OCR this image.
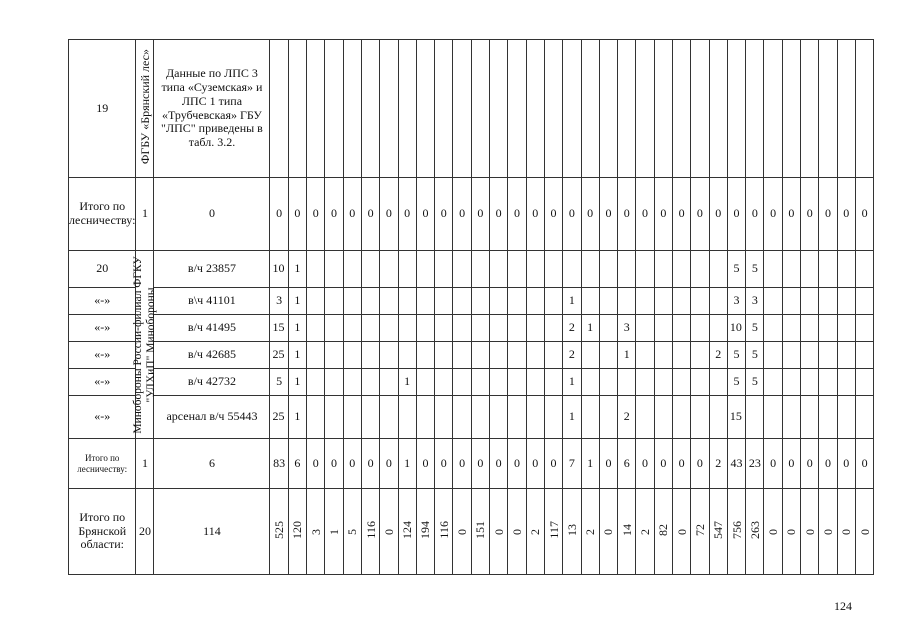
19	ФГБУ «Брянский лес»	Данные по ЛПС 3 типа «Суземская» и ЛПС 1 типа «Трубчевская» ГБУ "ЛПС" приведены в табл. 3.2.																																	
Итого по лесничеству:	1	0	0	0	0	0	0	0	0	0	0	0	0	0	0	0	0	0	0	0	0	0	0	0	0	0	0	0	0	0	0	0	0	0	0
20	Минобороны России-филиал ФГКУ "УЛХиП" Минобороны	в/ч 23857	10	1																								5	5						
«-»		в\ч 41101	3	1															1									3	3						
«-»		в/ч 41495	15	1															2	1		3						10	5						
«-»		в/ч 42685	25	1															2			1					2	5	5						
«-»		в/ч 42732	5	1						1									1									5	5						
«-»		арсенал в/ч 55443	25	1															1			2						15							
Итого по лесничеству:	1	6	83	6	0	0	0	0	0	1	0	0	0	0	0	0	0	0	7	1	0	6	0	0	0	0	2	43	23	0	0	0	0	0	0
Итого по Брянской области:	20	114	525	120	3	1	5	116	0	124	194	116	0	151	0	0	2	117	13	2	0	14	2	82	0	72	547	756	263	0	0	0	0	0	0
124
